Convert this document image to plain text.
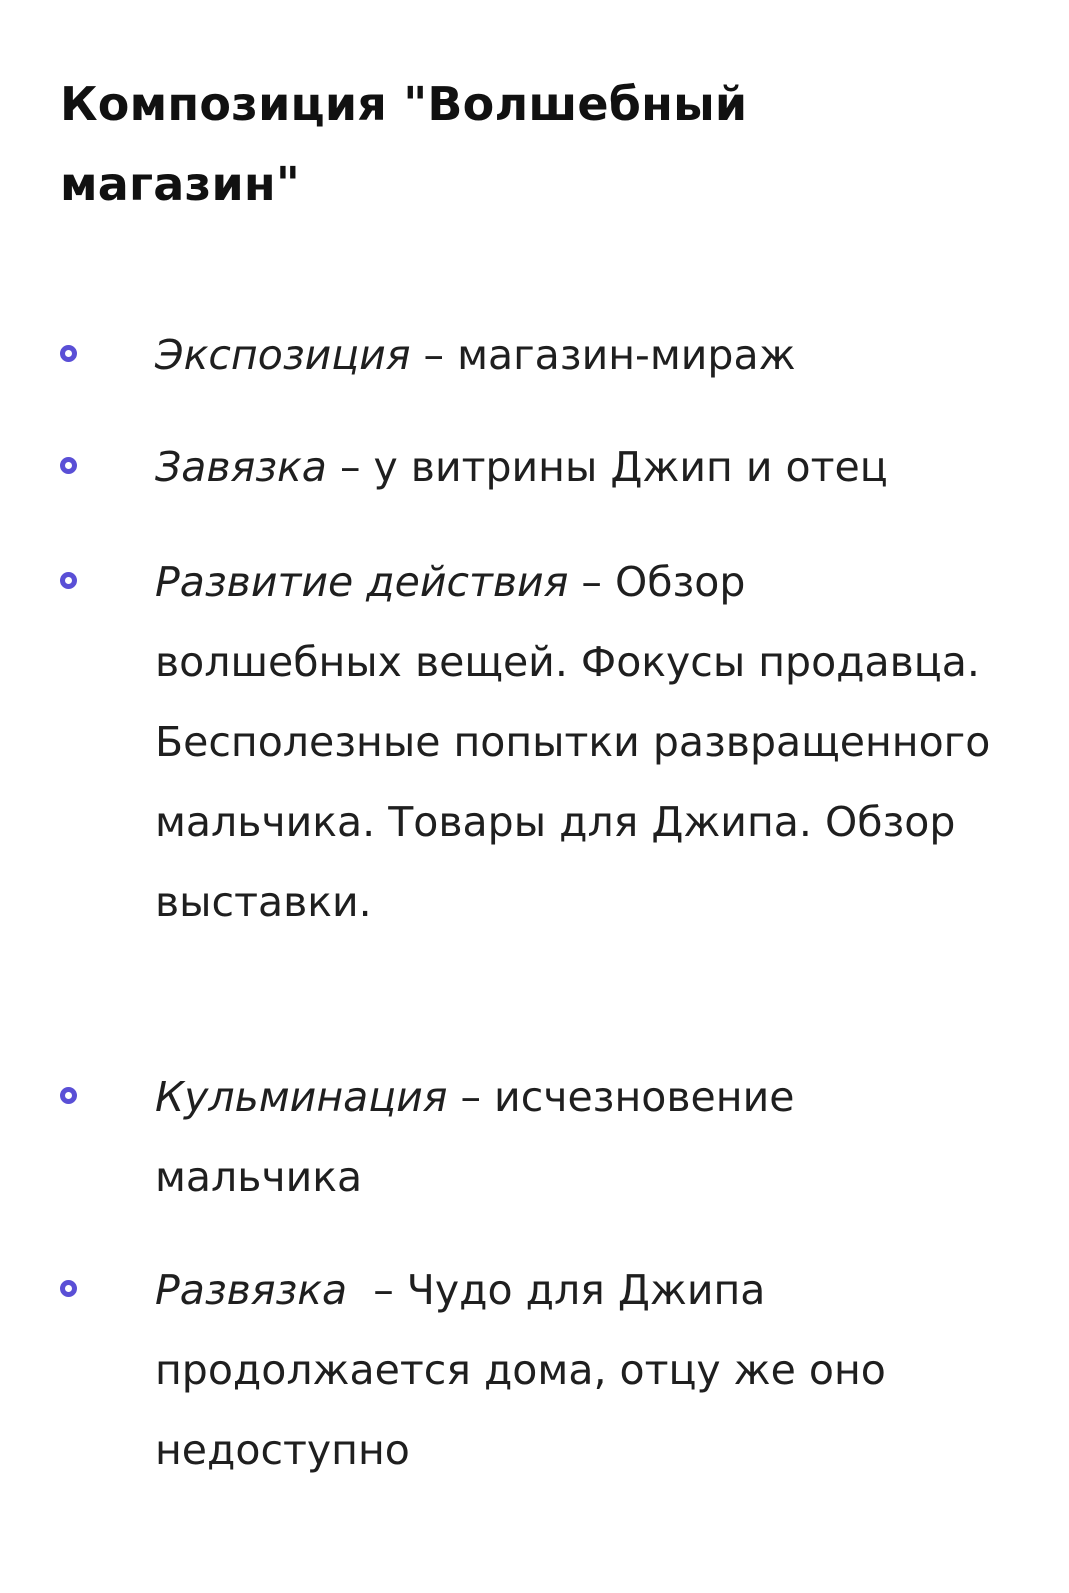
Композиция "Волшебный магазин"
Экспозиция – магазин-мираж
Завязка – у витрины Джип и отец
Развитие действия – Обзор волшебных вещей. Фокусы продавца. Бесполезные попытки развращенного мальчика. Товары для Джипа. Обзор выставки.
Кульминация – исчезновение мальчика
Развязка  – Чудо для Джипа продолжается дома, отцу же оно недоступно
